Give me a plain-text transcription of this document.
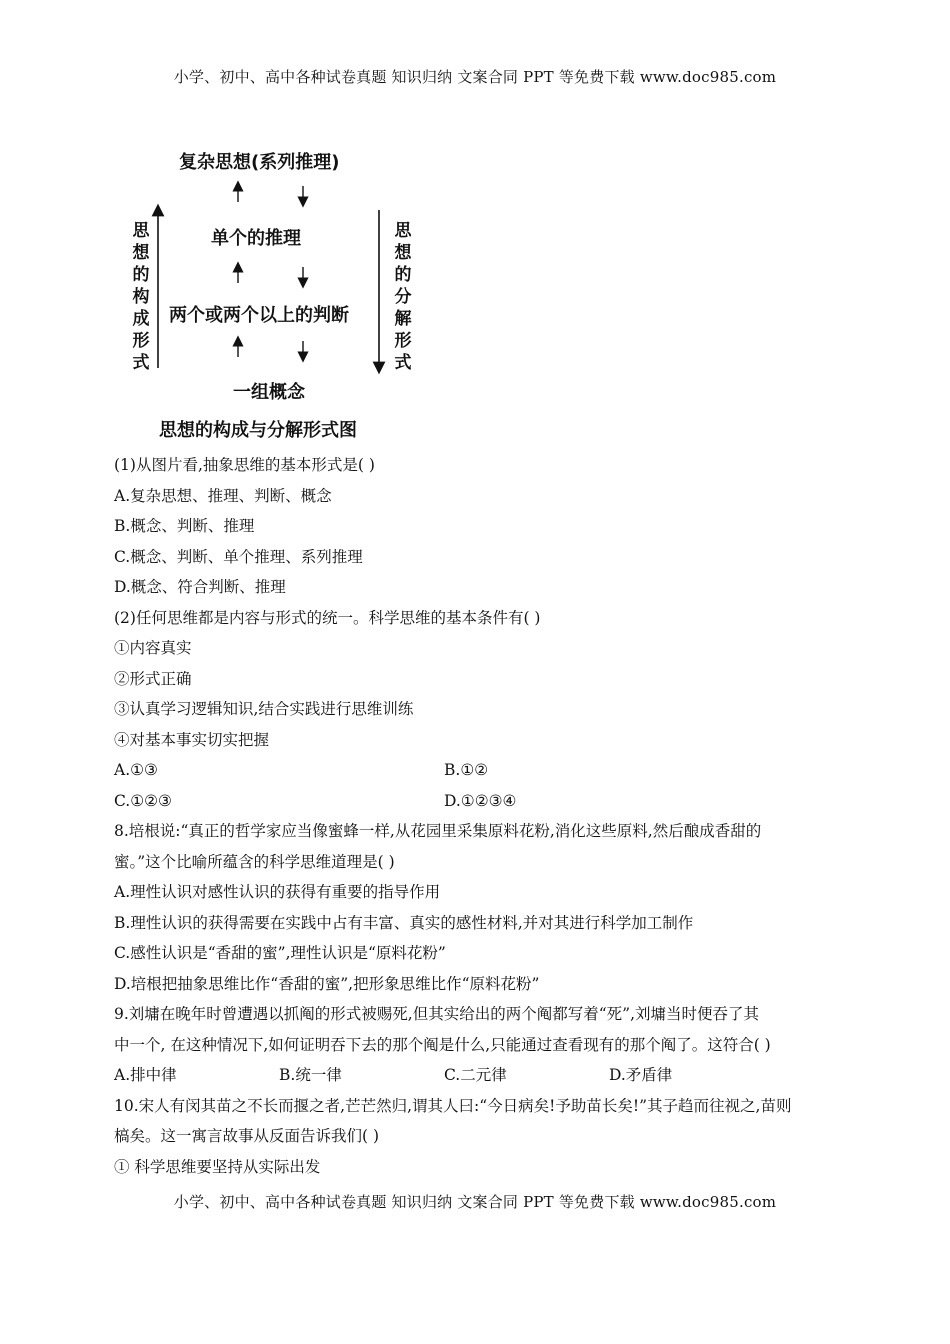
小学、初中、高中各种试卷真题 知识归纳 文案合同 PPT 等免费下载 www.doc985.com
复杂思想(系列推理)
单个的推理
两个或两个以上的判断
一组概念
思想的构成形式
思想的分解形式
思想的构成与分解形式图
(1)从图片看,抽象思维的基本形式是( )
A.复杂思想、推理、判断、概念
B.概念、判断、推理
C.概念、判断、单个推理、系列推理
D.概念、符合判断、推理
(2)任何思维都是内容与形式的统一。科学思维的基本条件有( )
①内容真实
②形式正确
③认真学习逻辑知识,结合实践进行思维训练
④对基本事实切实把握
A.①③	B.①②
C.①②③	D.①②③④
8.培根说:“真正的哲学家应当像蜜蜂一样,从花园里采集原料花粉,消化这些原料,然后酿成香甜的
蜜。”这个比喻所蕴含的科学思维道理是( )
A.理性认识对感性认识的获得有重要的指导作用
B.理性认识的获得需要在实践中占有丰富、真实的感性材料,并对其进行科学加工制作
C.感性认识是“香甜的蜜”,理性认识是“原料花粉”
D.培根把抽象思维比作“香甜的蜜”,把形象思维比作“原料花粉”
9.刘墉在晚年时曾遭遇以抓阄的形式被赐死,但其实给出的两个阄都写着“死”,刘墉当时便吞了其
中一个, 在这种情况下,如何证明吞下去的那个阄是什么,只能通过查看现有的那个阄了。这符合( )
A.排中律	B.统一律	C.二元律	D.矛盾律
10.宋人有闵其苗之不长而揠之者,芒芒然归,谓其人曰:“今日病矣!予助苗长矣!”其子趋而往视之,苗则
槁矣。这一寓言故事从反面告诉我们( )
① 科学思维要坚持从实际出发
小学、初中、高中各种试卷真题 知识归纳 文案合同 PPT 等免费下载 www.doc985.com
